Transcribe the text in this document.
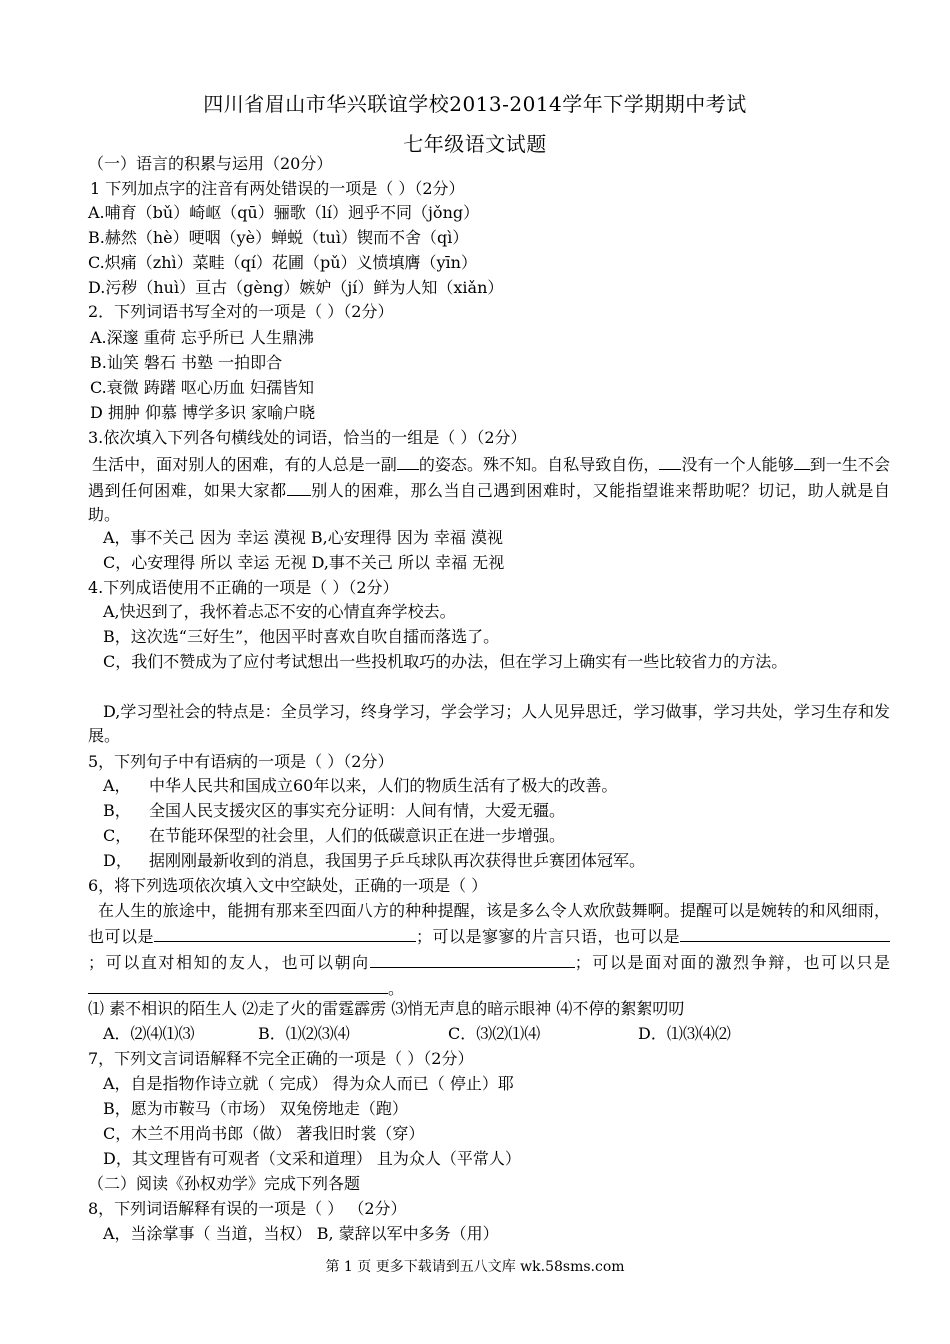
四川省眉山市华兴联谊学校2013-2014学年下学期期中考试
七年级语文试题
（一）语言的积累与运用（20分）
1 下列加点字的注音有两处错误的一项是（ ）（2分）
A.哺育（bǔ）崎岖（qū）骊歌（lí）迥乎不同（jǒng）
B.赫然（hè）哽咽（yè）蝉蜕（tuì）锲而不舍（qì）
C.炽痛（zhì）菜畦（qí）花圃（pǔ）义愤填膺（yīn）
D.污秽（huì）亘古（gèng）嫉妒（jí）鲜为人知（xiǎn）
2．下列词语书写全对的一项是（ ）（2分）
A.深邃 重荷 忘乎所已 人生鼎沸
B.讪笑 磐石 书塾 一拍即合
C.衰微 踌躇 呕心历血 妇孺皆知
D 拥肿 仰慕 博学多识 家喻户晓
3.依次填入下列各句横线处的词语，恰当的一组是（ ）（2分）
生活中，面对别人的困难，有的人总是一副 的姿态。殊不知。自私导致自伤， 没有一个人能够 到一生不会遇到任何困难，如果大家都 别人的困难，那么当自己遇到困难时，又能指望谁来帮助呢？切记，助人就是自助。
A，事不关己 因为 幸运 漠视 B,心安理得 因为 幸福 漠视
C，心安理得 所以 幸运 无视 D,事不关己 所以 幸福 无视
4.下列成语使用不正确的一项是（ ）（2分）
A,快迟到了，我怀着忐忑不安的心情直奔学校去。
B，这次选“三好生”，他因平时喜欢自吹自擂而落选了。
C，我们不赞成为了应付考试想出一些投机取巧的办法，但在学习上确实有一些比较省力的方法。
D,学习型社会的特点是：全员学习，终身学习，学会学习；人人见异思迁，学习做事，学习共处，学习生存和发展。
5，下列句子中有语病的一项是（ ）（2分）
A， 中华人民共和国成立60年以来，人们的物质生活有了极大的改善。
B， 全国人民支援灾区的事实充分证明：人间有情，大爱无疆。
C， 在节能环保型的社会里，人们的低碳意识正在进一步增强。
D， 据刚刚最新收到的消息，我国男子乒乓球队再次获得世乒赛团体冠军。
6，将下列选项依次填入文中空缺处，正确的一项是（ ）
在人生的旅途中，能拥有那来至四面八方的种种提醒，该是多么令人欢欣鼓舞啊。提醒可以是婉转的和风细雨，也可以是	；可以是寥寥的片言只语，也可以是；可以直对相知的友人，也可以朝向	；可以是面对面的激烈争辩，也可以只是。
⑴ 素不相识的陌生人 ⑵走了火的雷霆霹雳 ⑶悄无声息的暗示眼神 ⑷不停的絮絮叨叨
A．⑵⑷⑴⑶	B．⑴⑵⑶⑷	C．⑶⑵⑴⑷	D．⑴⑶⑷⑵
7，下列文言词语解释不完全正确的一项是（ ）（2分）
A，自是指物作诗立就（ 完成） 得为众人而已（ 停止）耶
B，愿为市鞍马（市场） 双兔傍地走（跑）
C，木兰不用尚书郎（做） 著我旧时裳（穿）
D，其文理皆有可观者（文采和道理） 且为众人（平常人）
（二）阅读《孙权劝学》完成下列各题
8，下列词语解释有误的一项是（ ） （2分）
A，当涂掌事（ 当道，当权） B, 蒙辞以军中多务（用）
第 1 页 更多下载请到五八文库 wk.58sms.com
